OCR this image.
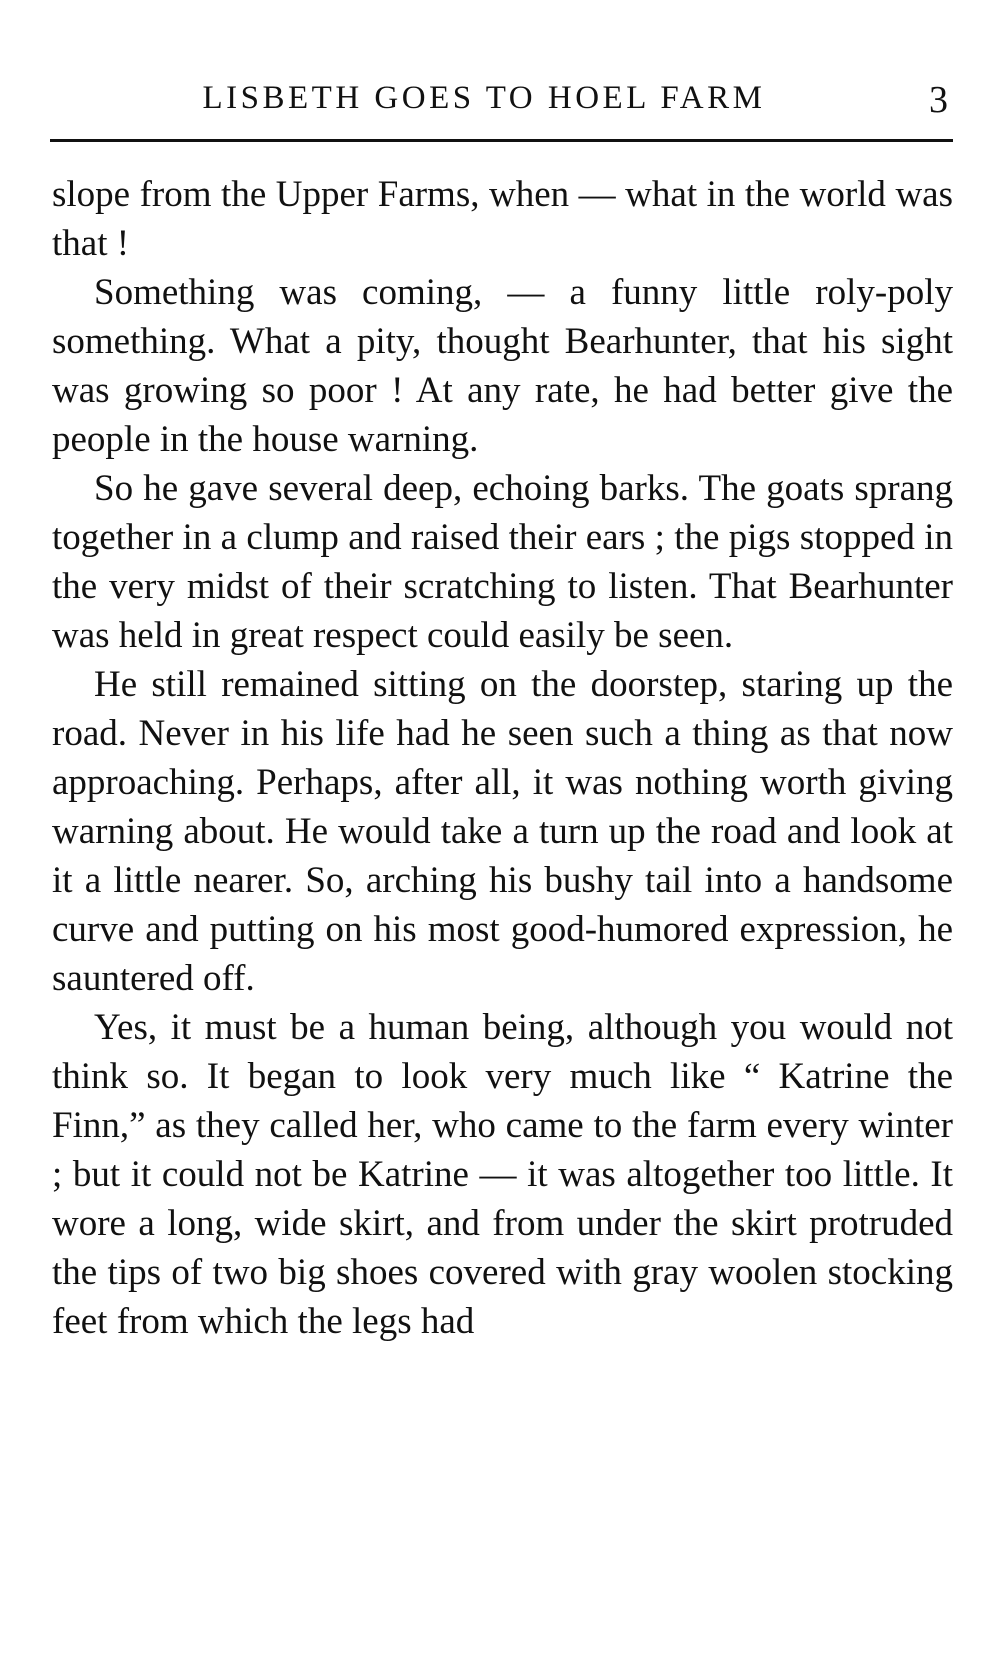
LISBETH GOES TO HOEL FARM	3

slope from the Upper Farms, when — what in the world was that !

Something was coming, — a funny little roly-poly something. What a pity, thought Bearhunter, that his sight was growing so poor ! At any rate, he had better give the people in the house warning.

So he gave several deep, echoing barks. The goats sprang together in a clump and raised their ears ; the pigs stopped in the very midst of their scratching to listen. That Bearhunter was held in great respect could easily be seen.

He still remained sitting on the doorstep, staring up the road. Never in his life had he seen such a thing as that now approaching. Perhaps, after all, it was nothing worth giving warning about. He would take a turn up the road and look at it a little nearer. So, arching his bushy tail into a handsome curve and putting on his most good-humored expression, he sauntered off.

Yes, it must be a human being, although you would not think so. It began to look very much like “ Katrine the Finn,” as they called her, who came to the farm every winter ; but it could not be Katrine — it was altogether too little. It wore a long, wide skirt, and from under the skirt protruded the tips of two big shoes covered with gray woolen stocking feet from which the legs had
